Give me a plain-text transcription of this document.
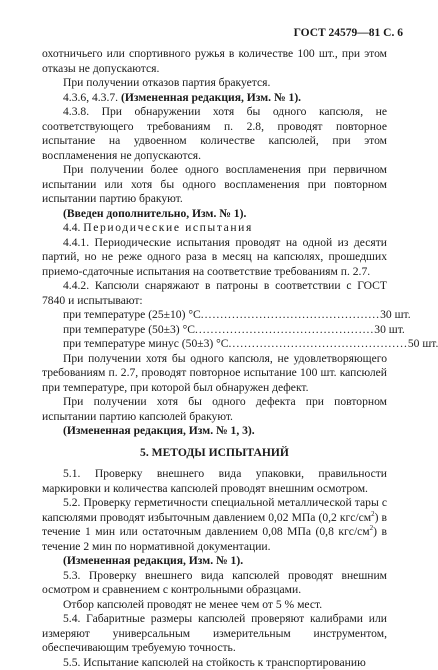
ГОСТ 24579—81 С. 6
охотничьего или спортивного ружья в количестве 100 шт., при этом отказы не допускаются.
При получении отказов партия бракуется.
4.3.6, 4.3.7. (Измененная редакция, Изм. № 1).
4.3.8. При обнаружении хотя бы одного капсюля, не соответствующего требованиям п. 2.8, проводят повторное испытание на удвоенном количестве капсюлей, при этом воспламенения не допускаются.
При получении более одного воспламенения при первичном испытании или хотя бы одного воспламенения при повторном испытании партию бракуют.
(Введен дополнительно, Изм. № 1).
4.4. Периодические испытания
4.4.1. Периодические испытания проводят на одной из десяти партий, но не реже одного раза в месяц на капсюлях, прошедших приемо-сдаточные испытания на соответствие требованиям п. 2.7.
4.4.2. Капсюли снаряжают в патроны в соответствии с ГОСТ 7840 и испытывают:
при температуре (25±10) °С .............................................. 30 шт.
при температуре (50±3) °С .............................................. 30 шт.
при температуре минус (50±3) °С .............................................. 50 шт.
При получении хотя бы одного капсюля, не удовлетворяющего требованиям п. 2.7, проводят повторное испытание 100 шт. капсюлей при температуре, при которой был обнаружен дефект.
При получении хотя бы одного дефекта при повторном испытании партию капсюлей бракуют.
(Измененная редакция, Изм. № 1, 3).
5. МЕТОДЫ ИСПЫТАНИЙ
5.1. Проверку внешнего вида упаковки, правильности маркировки и количества капсюлей проводят внешним осмотром.
5.2. Проверку герметичности специальной металлической тары с капсюлями проводят избыточным давлением 0,02 МПа (0,2 кгс/$см^2$) в течение 1 мин или остаточным давлением 0,08 МПа (0,8 кгс/$см^2$) в течение 2 мин по нормативной документации.
(Измененная редакция, Изм. № 1).
5.3. Проверку внешнего вида капсюлей проводят внешним осмотром и сравнением с контрольными образцами.
Отбор капсюлей проводят не менее чем от 5 % мест.
5.4. Габаритные размеры капсюлей проверяют калибрами или измеряют универсальным измерительным инструментом, обеспечивающим требуемую точность.
5.5. Испытание капсюлей на стойкость к транспортированию
